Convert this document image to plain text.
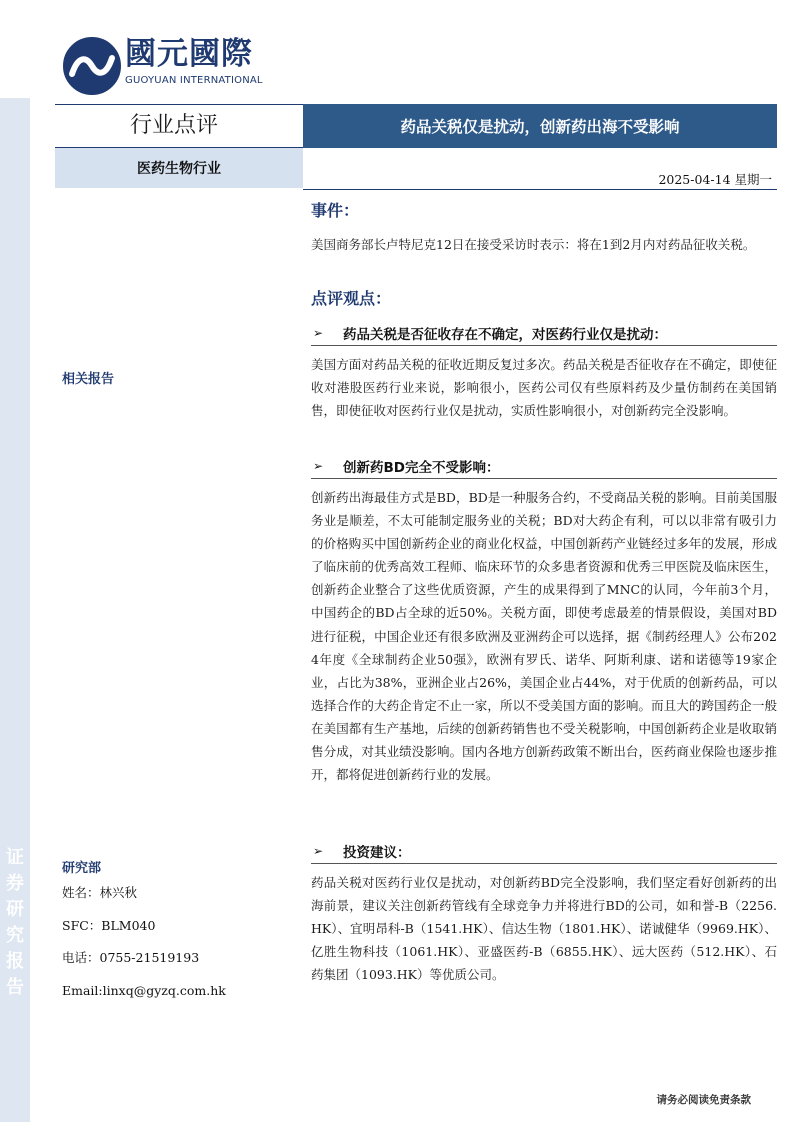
证券研究报告
國元國際
GUOYUAN INTERNATIONAL
行业点评	药品关税仅是扰动，创新药出海不受影响
医药生物行业
2025-04-14 星期一
相关报告
研究部
姓名：林兴秋
SFC：BLM040
电话：0755-21519193
Email:linxq@gyzq.com.hk
事件：
美国商务部长卢特尼克12日在接受采访时表示：将在1到2月内对药品征收关税。
点评观点：
➢	药品关税是否征收存在不确定，对医药行业仅是扰动：
美国方面对药品关税的征收近期反复过多次。药品关税是否征收存在不确定，即使征收对港股医药行业来说，影响很小，医药公司仅有些原料药及少量仿制药在美国销售，即使征收对医药行业仅是扰动，实质性影响很小，对创新药完全没影响。
➢	创新药BD完全不受影响：
创新药出海最佳方式是BD，BD是一种服务合约，不受商品关税的影响。目前美国服务业是顺差，不太可能制定服务业的关税；BD对大药企有利，可以以非常有吸引力的价格购买中国创新药企业的商业化权益，中国创新药产业链经过多年的发展，形成了临床前的优秀高效工程师、临床环节的众多患者资源和优秀三甲医院及临床医生，创新药企业整合了这些优质资源，产生的成果得到了MNC的认同，今年前3个月，中国药企的BD占全球的近50%。关税方面，即使考虑最差的情景假设，美国对BD进行征税，中国企业还有很多欧洲及亚洲药企可以选择，据《制药经理人》公布2024年度《全球制药企业50强》，欧洲有罗氏、诺华、阿斯利康、诺和诺德等19家企业，占比为38%，亚洲企业占26%，美国企业占44%，对于优质的创新药品，可以选择合作的大药企肯定不止一家，所以不受美国方面的影响。而且大的跨国药企一般在美国都有生产基地，后续的创新药销售也不受关税影响，中国创新药企业是收取销售分成，对其业绩没影响。国内各地方创新药政策不断出台，医药商业保险也逐步推开，都将促进创新药行业的发展。
➢	投资建议：
药品关税对医药行业仅是扰动，对创新药BD完全没影响，我们坚定看好创新药的出海前景，建议关注创新药管线有全球竞争力并将进行BD的公司，如和誉-B（2256.HK）、宜明昂科-B（1541.HK）、信达生物（1801.HK）、诺诚健华（9969.HK）、亿胜生物科技（1061.HK）、亚盛医药-B（6855.HK）、远大医药（512.HK）、石药集团（1093.HK）等优质公司。
请务必阅读免责条款
